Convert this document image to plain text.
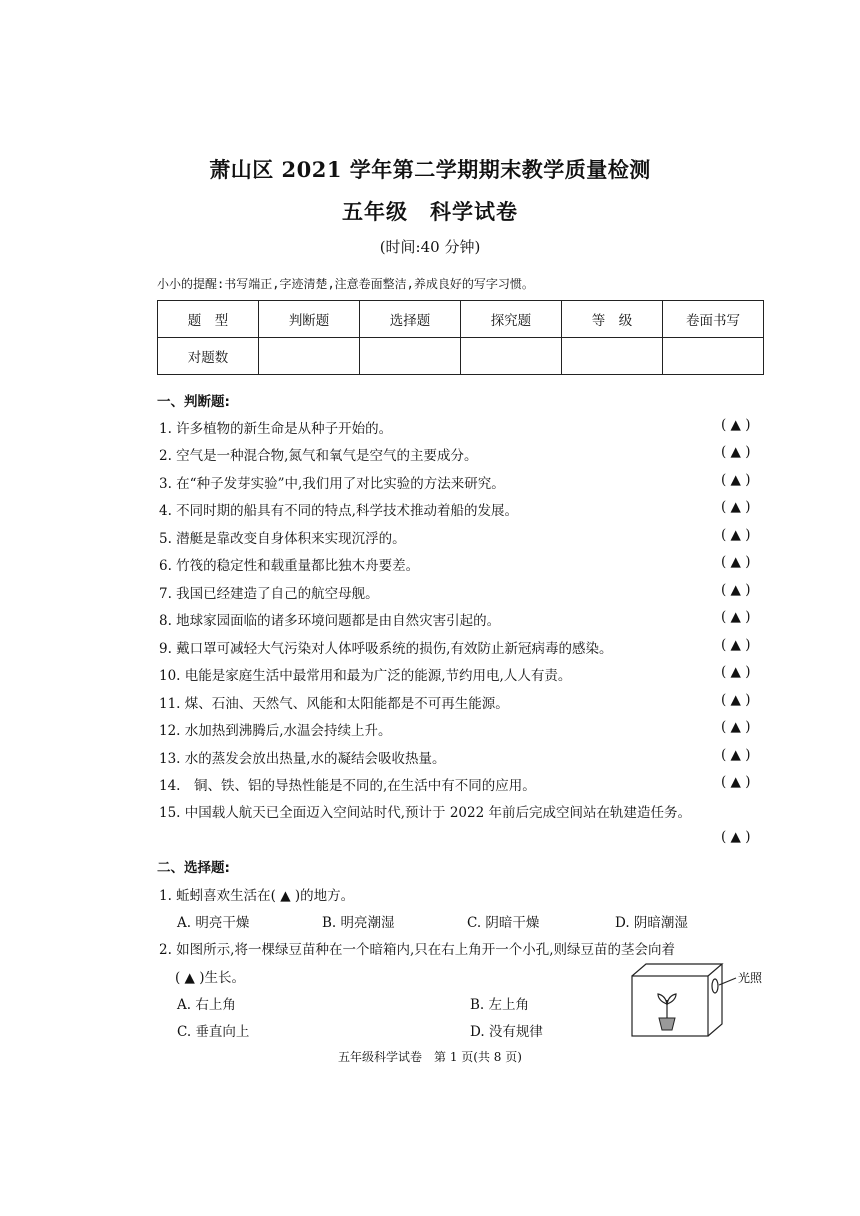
萧山区 2021 学年第二学期期末教学质量检测
五年级　科学试卷
(时间:40 分钟)
小小的提醒:书写端正,字迹清楚,注意卷面整洁,养成良好的写字习惯。
题　型	判断题	选择题	探究题	等　级	卷面书写
对题数					
一、判断题:
1. 许多植物的新生命是从种子开始的。	( ▲ )
2. 空气是一种混合物,氮气和氧气是空气的主要成分。	( ▲ )
3. 在“种子发芽实验”中,我们用了对比实验的方法来研究。	( ▲ )
4. 不同时期的船具有不同的特点,科学技术推动着船的发展。	( ▲ )
5. 潜艇是靠改变自身体积来实现沉浮的。	( ▲ )
6. 竹筏的稳定性和载重量都比独木舟要差。	( ▲ )
7. 我国已经建造了自己的航空母舰。	( ▲ )
8. 地球家园面临的诸多环境问题都是由自然灾害引起的。	( ▲ )
9. 戴口罩可减轻大气污染对人体呼吸系统的损伤,有效防止新冠病毒的感染。	( ▲ )
10. 电能是家庭生活中最常用和最为广泛的能源,节约用电,人人有责。	( ▲ )
11. 煤、石油、天然气、风能和太阳能都是不可再生能源。	( ▲ )
12. 水加热到沸腾后,水温会持续上升。	( ▲ )
13. 水的蒸发会放出热量,水的凝结会吸收热量。	( ▲ )
14.　铜、铁、铝的导热性能是不同的,在生活中有不同的应用。	( ▲ )
15. 中国载人航天已全面迈入空间站时代,预计于 2022 年前后完成空间站在轨建造任务。
( ▲ )
二、选择题:
1. 蚯蚓喜欢生活在( ▲ )的地方。
A. 明亮干燥	B. 明亮潮湿	C. 阴暗干燥	D. 阴暗潮湿
2. 如图所示,将一棵绿豆苗种在一个暗箱内,只在右上角开一个小孔,则绿豆苗的茎会向着
( ▲ )生长。
A. 右上角	B. 左上角
C. 垂直向上	D. 没有规律
光照
五年级科学试卷　第 1 页(共 8 页)
